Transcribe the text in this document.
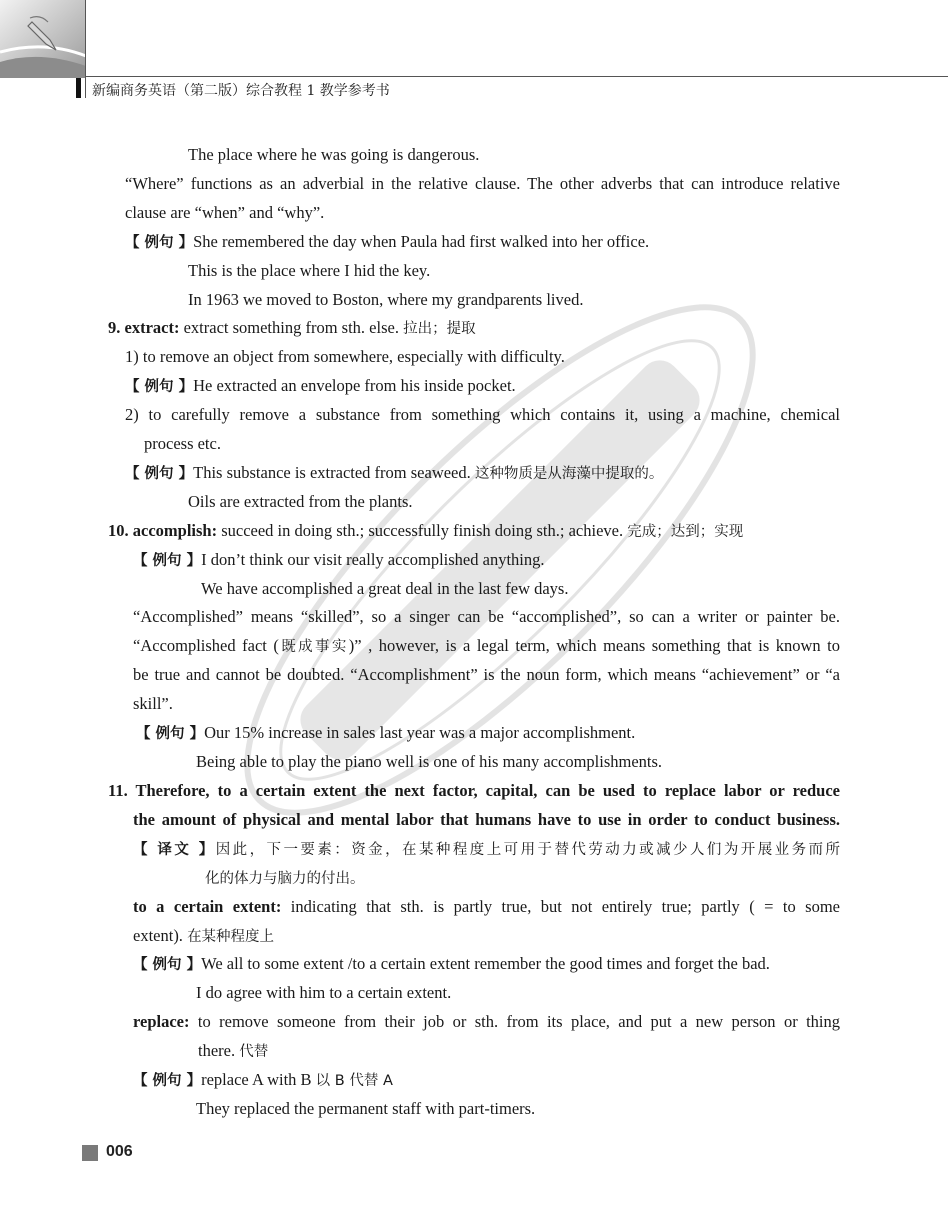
新编商务英语（第二版）综合教程 1 教学参考书
The place where he was going is dangerous.
“Where” functions as an adverbial in the relative clause. The other adverbs that can introduce relative
clause are “when” and “why”.
【 例句 】She remembered the day when Paula had first walked into her office.
This is the place where I hid the key.
In 1963 we moved to Boston, where my grandparents lived.
9. extract: extract something from sth. else. 拉出；提取
1) to remove an object from somewhere, especially with difficulty.
【 例句 】He extracted an envelope from his inside pocket.
2) to carefully remove a substance from something which contains it, using a machine, chemical
process etc.
【 例句 】This substance is extracted from seaweed. 这种物质是从海藻中提取的。
Oils are extracted from the plants.
10. accomplish: succeed in doing sth.; successfully finish doing sth.; achieve. 完成；达到；实现
【 例句 】I don’t think our visit really accomplished anything.
We have accomplished a great deal in the last few days.
“Accomplished” means “skilled”, so a singer can be “accomplished”, so can a writer or painter be.
“Accomplished fact (既成事实)” , however, is a legal term, which means something that is known to
be true and cannot be doubted. “Accomplishment” is the noun form, which means “achievement” or “a
skill”.
【 例句 】Our 15% increase in sales last year was a major accomplishment.
Being able to play the piano well is one of his many accomplishments.
11. Therefore, to a certain extent the next factor, capital, can be used to replace labor or reduce
the amount of physical and mental labor that humans have to use in order to conduct business.
【 译文 】因此，下一要素：资金，在某种程度上可用于替代劳动力或减少人们为开展业务而所
化的体力与脑力的付出。
to a certain extent: indicating that sth. is partly true, but not entirely true; partly ( = to some
extent). 在某种程度上
【 例句 】We all to some extent /to a certain extent remember the good times and forget the bad.
I do agree with him to a certain extent.
replace: to remove someone from their job or sth. from its place, and put a new person or thing
there. 代替
【 例句 】replace A with B 以 B 代替 A
They replaced the permanent staff with part-timers.
006
